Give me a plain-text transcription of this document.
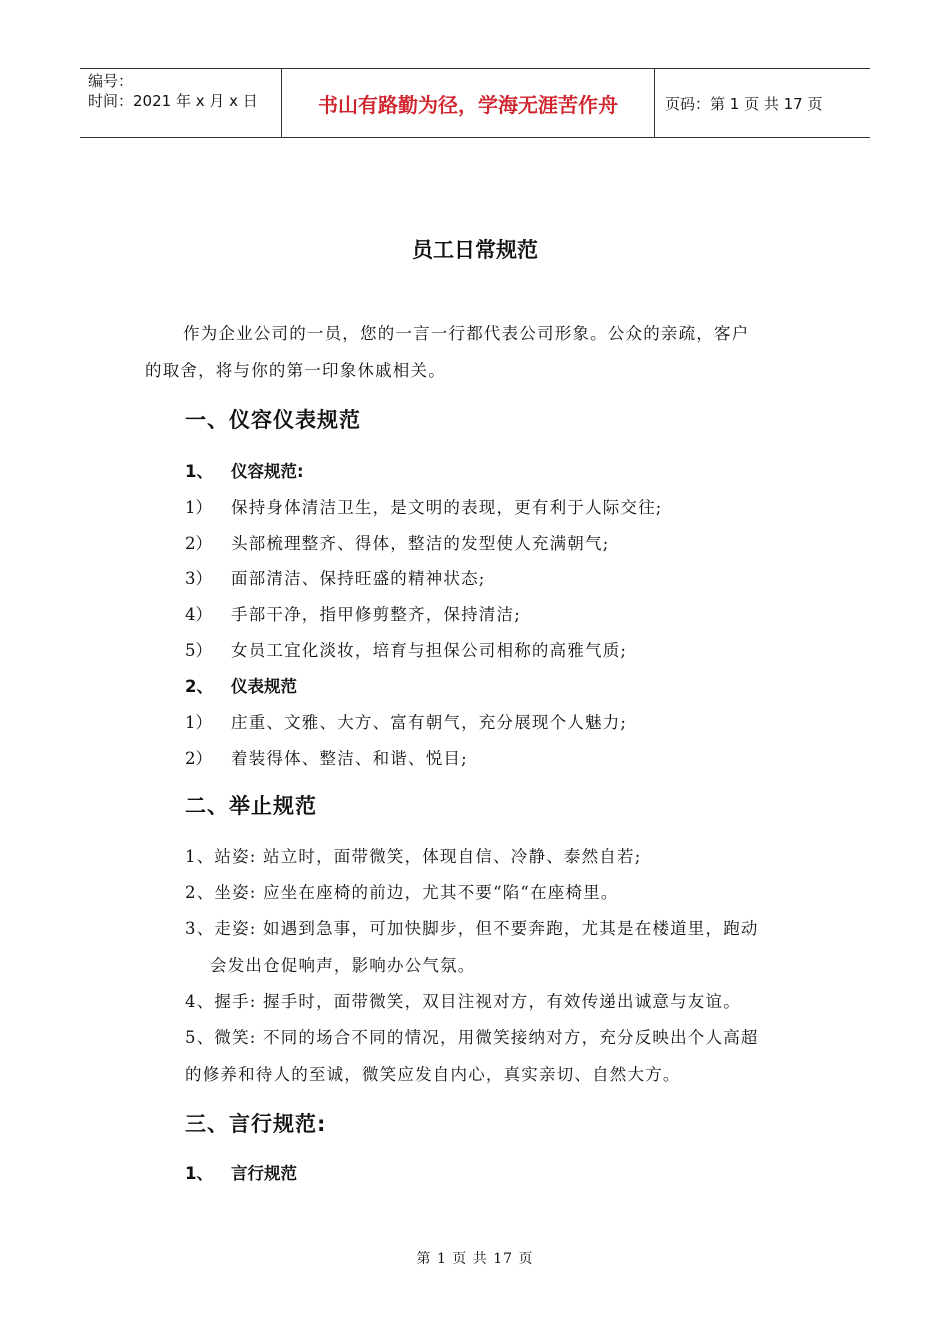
编号：
时间：2021 年 x 月 x 日	书山有路勤为径，学海无涯苦作舟	页码：第 1 页 共 17 页
员工日常规范
作为企业公司的一员，您的一言一行都代表公司形象。公众的亲疏，客户
的取舍，将与你的第一印象休戚相关。
一、仪容仪表规范
1、 仪容规范:
1） 保持身体清洁卫生，是文明的表现，更有利于人际交往;
2） 头部梳理整齐、得体，整洁的发型使人充满朝气;
3） 面部清洁、保持旺盛的精神状态;
4） 手部干净，指甲修剪整齐，保持清洁;
5） 女员工宜化淡妆，培育与担保公司相称的高雅气质;
2、 仪表规范
1） 庄重、文雅、大方、富有朝气，充分展现个人魅力;
2） 着装得体、整洁、和谐、悦目;
二、举止规范
1、站姿: 站立时，面带微笑，体现自信、冷静、泰然自若;
2、坐姿: 应坐在座椅的前边，尤其不要“陷“在座椅里。
3、走姿: 如遇到急事，可加快脚步，但不要奔跑，尤其是在楼道里，跑动
会发出仓促响声，影响办公气氛。
4、握手: 握手时，面带微笑，双目注视对方，有效传递出诚意与友谊。
5、微笑: 不同的场合不同的情况，用微笑接纳对方，充分反映出个人高超
的修养和待人的至诚，微笑应发自内心，真实亲切、自然大方。
三、言行规范:
1、 言行规范
第 1 页 共 17 页
